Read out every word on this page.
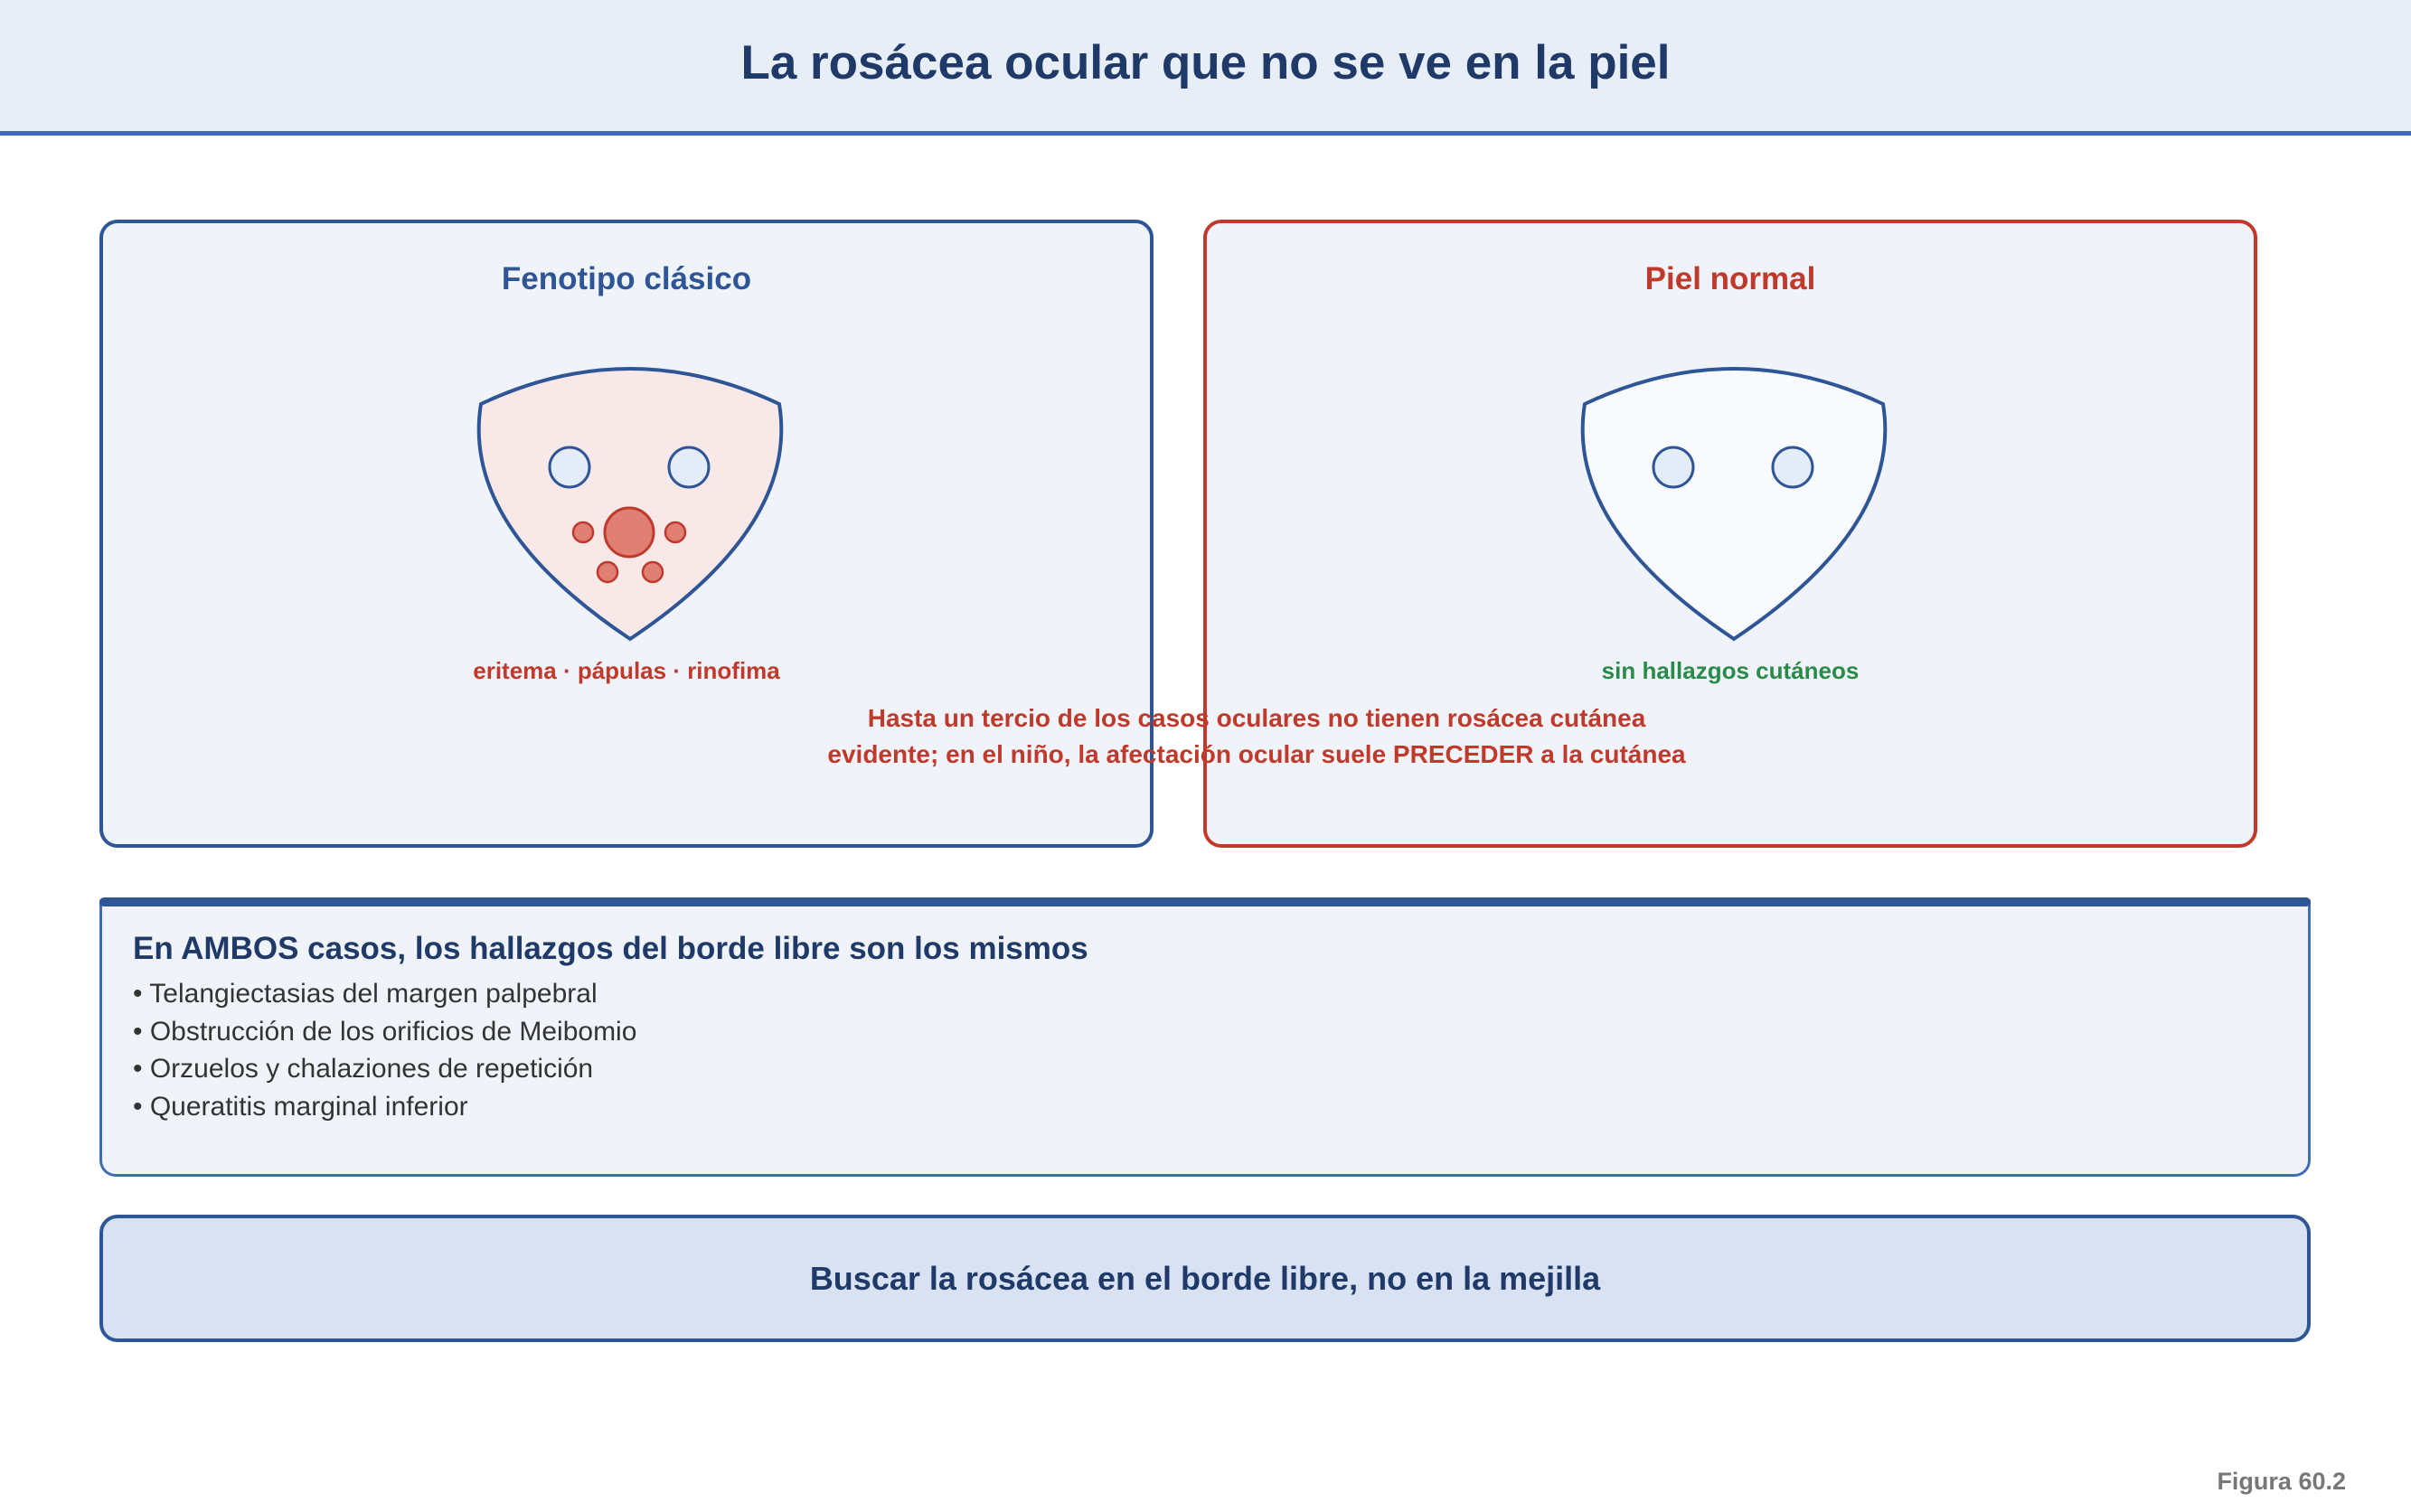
La rosácea ocular que no se ve en la piel
Fenotipo clásico
eritema · pápulas · rinofima
Piel normal
sin hallazgos cutáneos
Hasta un tercio de los casos oculares no tienen rosácea cutánea
evidente; en el niño, la afectación ocular suele PRECEDER a la cutánea
En AMBOS casos, los hallazgos del borde libre son los mismos
• Telangiectasias del margen palpebral
• Obstrucción de los orificios de Meibomio
• Orzuelos y chalaziones de repetición
• Queratitis marginal inferior
Buscar la rosácea en el borde libre, no en la mejilla
Figura 60.2
